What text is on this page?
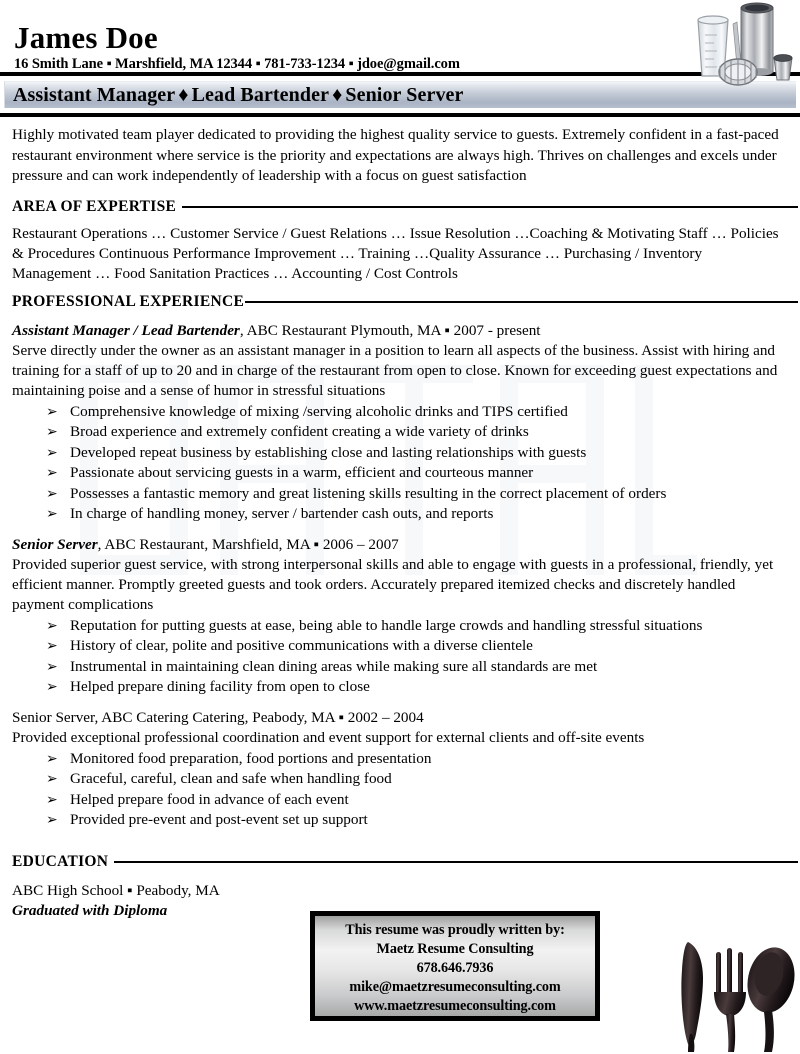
James Doe
16 Smith Lane ▪ Marshfield, MA 12344 ▪ 781-733-1234 ▪ jdoe@gmail.com
Assistant Manager ♦ Lead Bartender ♦ Senior Server
Highly motivated team player dedicated to providing the highest quality service to guests. Extremely confident in a fast-paced restaurant environment where service is the priority and expectations are always high. Thrives on challenges and excels under pressure and can work independently of leadership with a focus on guest satisfaction
AREA OF EXPERTISE
Restaurant Operations … Customer Service / Guest Relations … Issue Resolution …Coaching & Motivating Staff … Policies & Procedures Continuous Performance Improvement … Training …Quality Assurance … Purchasing / Inventory Management … Food Sanitation Practices … Accounting / Cost Controls
PROFESSIONAL EXPERIENCE
Assistant Manager / Lead Bartender, ABC Restaurant Plymouth, MA ▪ 2007 - present
Serve directly under the owner as an assistant manager in a position to learn all aspects of the business. Assist with hiring and training for a staff of up to 20 and in charge of the restaurant from open to close. Known for exceeding guest expectations and maintaining poise and a sense of humor in stressful situations
➢ Comprehensive knowledge of mixing /serving alcoholic drinks and TIPS certified
➢ Broad experience and extremely confident creating a wide variety of drinks
➢ Developed repeat business by establishing close and lasting relationships with guests
➢ Passionate about servicing guests in a warm, efficient and courteous manner
➢ Possesses a fantastic memory and great listening skills resulting in the correct placement of orders
➢ In charge of handling money, server / bartender cash outs, and reports
Senior Server, ABC Restaurant, Marshfield, MA ▪ 2006 – 2007
Provided superior guest service, with strong interpersonal skills and able to engage with guests in a professional, friendly, yet efficient manner. Promptly greeted guests and took orders. Accurately prepared itemized checks and discretely handled payment complications
➢ Reputation for putting guests at ease, being able to handle large crowds and handling stressful situations
➢ History of clear, polite and positive communications with a diverse clientele
➢ Instrumental in maintaining clean dining areas while making sure all standards are met
➢ Helped prepare dining facility from open to close
Senior Server, ABC Catering Catering, Peabody, MA ▪ 2002 – 2004
Provided exceptional professional coordination and event support for external clients and off-site events
➢ Monitored food preparation, food portions and presentation
➢ Graceful, careful, clean and safe when handling food
➢ Helped prepare food in advance of each event
➢ Provided pre-event and post-event set up support
EDUCATION
ABC High School ▪ Peabody, MA
Graduated with Diploma
This resume was proudly written by:
Maetz Resume Consulting
678.646.7936
mike@maetzresumeconsulting.com
www.maetzresumeconsulting.com
